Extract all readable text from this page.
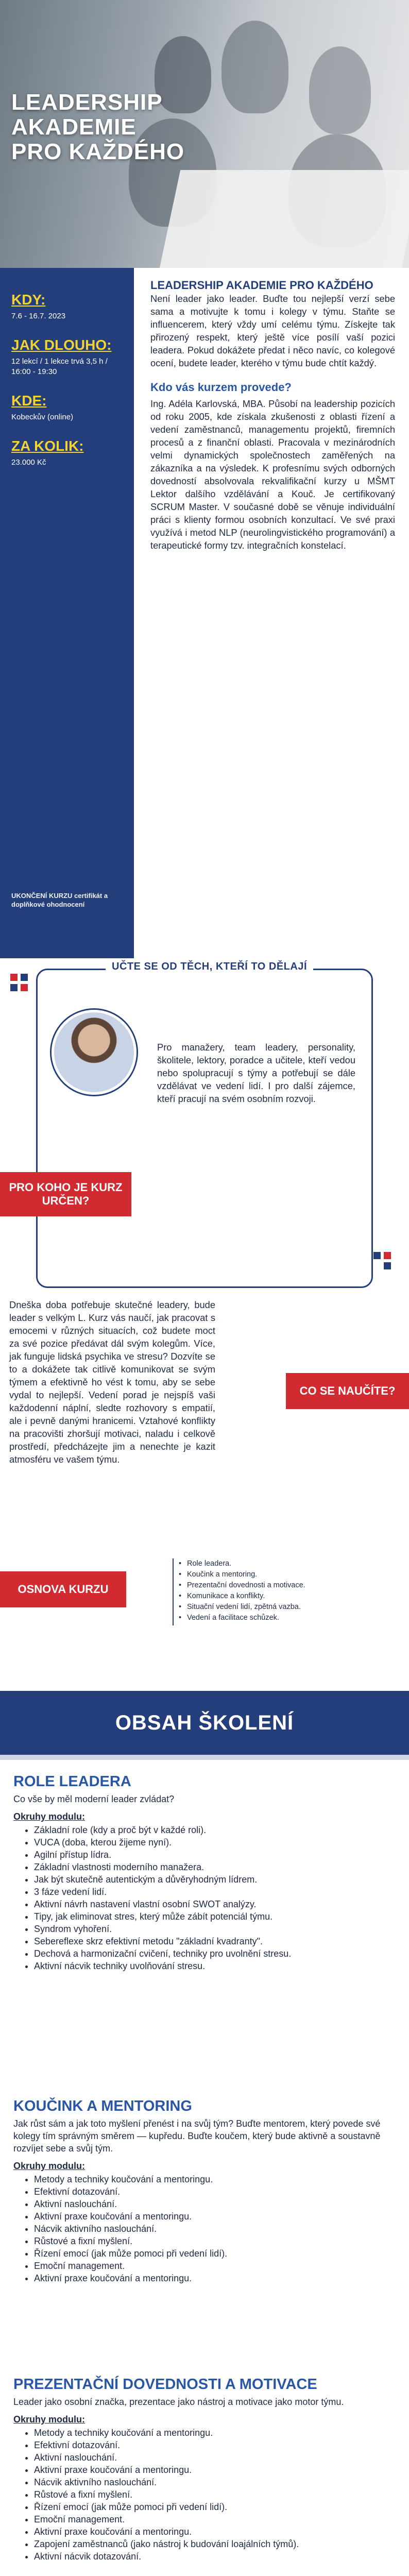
LEADERSHIP
AKADEMIE
PRO KAŽDÉHO
KDY:
7.6 - 16.7. 2023
JAK DLOUHO:
12 lekcí / 1 lekce trvá 3,5 h / 16:00 - 19:30
KDE:
Kobeckův (online)
ZA KOLIK:
23.000 Kč
UKONČENÍ KURZU certifikát a doplňkové ohodnocení
LEADERSHIP AKADEMIE PRO KAŽDÉHO

Není leader jako leader. Buďte tou nejlepší verzí sebe sama a motivujte k tomu i kolegy v týmu. Staňte se influencerem, který vždy umí celému týmu. Získejte tak přirozený respekt, který ještě více posílí vaší pozici leadera. Pokud dokážete předat i něco navíc, co kolegové ocení, budete leader, kterého v týmu bude chtít každý.

Kdo vás kurzem provede?

Ing. Adéla Karlovská, MBA. Působí na leadership pozicích od roku 2005, kde získala zkušenosti z oblasti řízení a vedení zaměstnanců, managementu projektů, firemních procesů a z finanční oblasti. Pracovala v mezinárodních velmi dynamických společnostech zaměřených na zákazníka a na výsledek. K profesnímu svých odborných dovedností absolvovala rekvalifikační kurzy u MŠMT Lektor dalšího vzdělávání a Kouč. Je certifikovaný SCRUM Master. V současné době se věnuje individuální práci s klienty formou osobních konzultací. Ve své praxi využívá i metod NLP (neurolingvistického programování) a terapeutické formy tzv. integračních konstelací.

UČTE SE OD TĚCH, KTEŘÍ TO DĚLAJÍ
Pro manažery, team leadery, personality, školitele, lektory, poradce a učitele, kteří vedou nebo spolupracují s týmy a potřebují se dále vzdělávat ve vedení lidí. I pro další zájemce, kteří pracují na svém osobním rozvoji.
PRO KOHO JE KURZ URČEN?
Dneška doba potřebuje skutečné leadery, bude leader s velkým L. Kurz vás naučí, jak pracovat s emocemi v různých situacích, což budete moct za své pozice předávat dál svým kolegům. Více, jak funguje lidská psychika ve stresu? Dozvíte se to a dokážete tak citlivě komunikovat se svým týmem a efektivně ho vést k tomu, aby se sebe vydal to nejlepší. Vedení porad je nejspíš vaši každodenní náplní, sledte rozhovory s empatií, ale i pevně danými hranicemi. Vztahové konflikty na pracovišti zhoršují motivaci, naladu i celkově prostředí, předcházejte jim a nenechte je kazit atmosféru ve vašem týmu.
CO SE NAUČÍTE?
OSNOVA KURZU
• Role leadera.
• Koučink a mentoring.
• Prezentační dovednosti a motivace.
• Komunikace a konflikty.
• Situační vedení lidí, zpětná vazba.
• Vedení a facilitace schůzek.
OBSAH ŠKOLENÍ
ROLE LEADERA

Co vše by měl moderní leader zvládat?

Okruhy modulu:

• Základní role (kdy a proč být v každé roli).
• VUCA (doba, kterou žijeme nyní).
• Agilní přístup lídra.
• Základní vlastnosti moderního manažera.
• Jak být skutečně autentickým a důvěryhodným lídrem.
• 3 fáze vedení lidí.
• Aktivní návrh nastavení vlastní osobní SWOT analýzy.
• Tipy, jak eliminovat stres, který může zábít potenciál týmu.
• Syndrom vyhoření.
• Sebereflexe skrz efektivní metodu "základní kvadranty".
• Dechová a harmonizační cvičení, techniky pro uvolnění stresu.
• Aktivní nácvik techniky uvolňování stresu.
KOUČINK A MENTORING

Jak růst sám a jak toto myšlení přenést i na svůj tým? Buďte mentorem, který povede své kolegy tím správným směrem — kupředu. Buďte koučem, který bude aktivně a soustavně rozvíjet sebe a svůj tým.

Okruhy modulu:

• Metody a techniky koučování a mentoringu.
• Efektivní dotazování.
• Aktivní naslouchání.
• Aktivní praxe koučování a mentoringu.
• Nácvik aktivního naslouchání.
• Růstové a fixní myšlení.
• Řízení emocí (jak může pomoci při vedení lidí).
• Emoční management.
• Aktivní praxe koučování a mentoringu.
PREZENTAČNÍ DOVEDNOSTI A MOTIVACE

Leader jako osobní značka, prezentace jako nástroj a motivace jako motor týmu.

Okruhy modulu:

• Metody a techniky koučování a mentoringu.
• Efektivní dotazování.
• Aktivní naslouchání.
• Aktivní praxe koučování a mentoringu.
• Nácvik aktivního naslouchání.
• Růstové a fixní myšlení.
• Řízení emocí (jak může pomoci při vedení lidí).
• Emoční management.
• Aktivní praxe koučování a mentoringu.
• Zapojení zaměstnanců (jako nástroj k budování loajálních týmů).
• Aktivní nácvik dotazování.
